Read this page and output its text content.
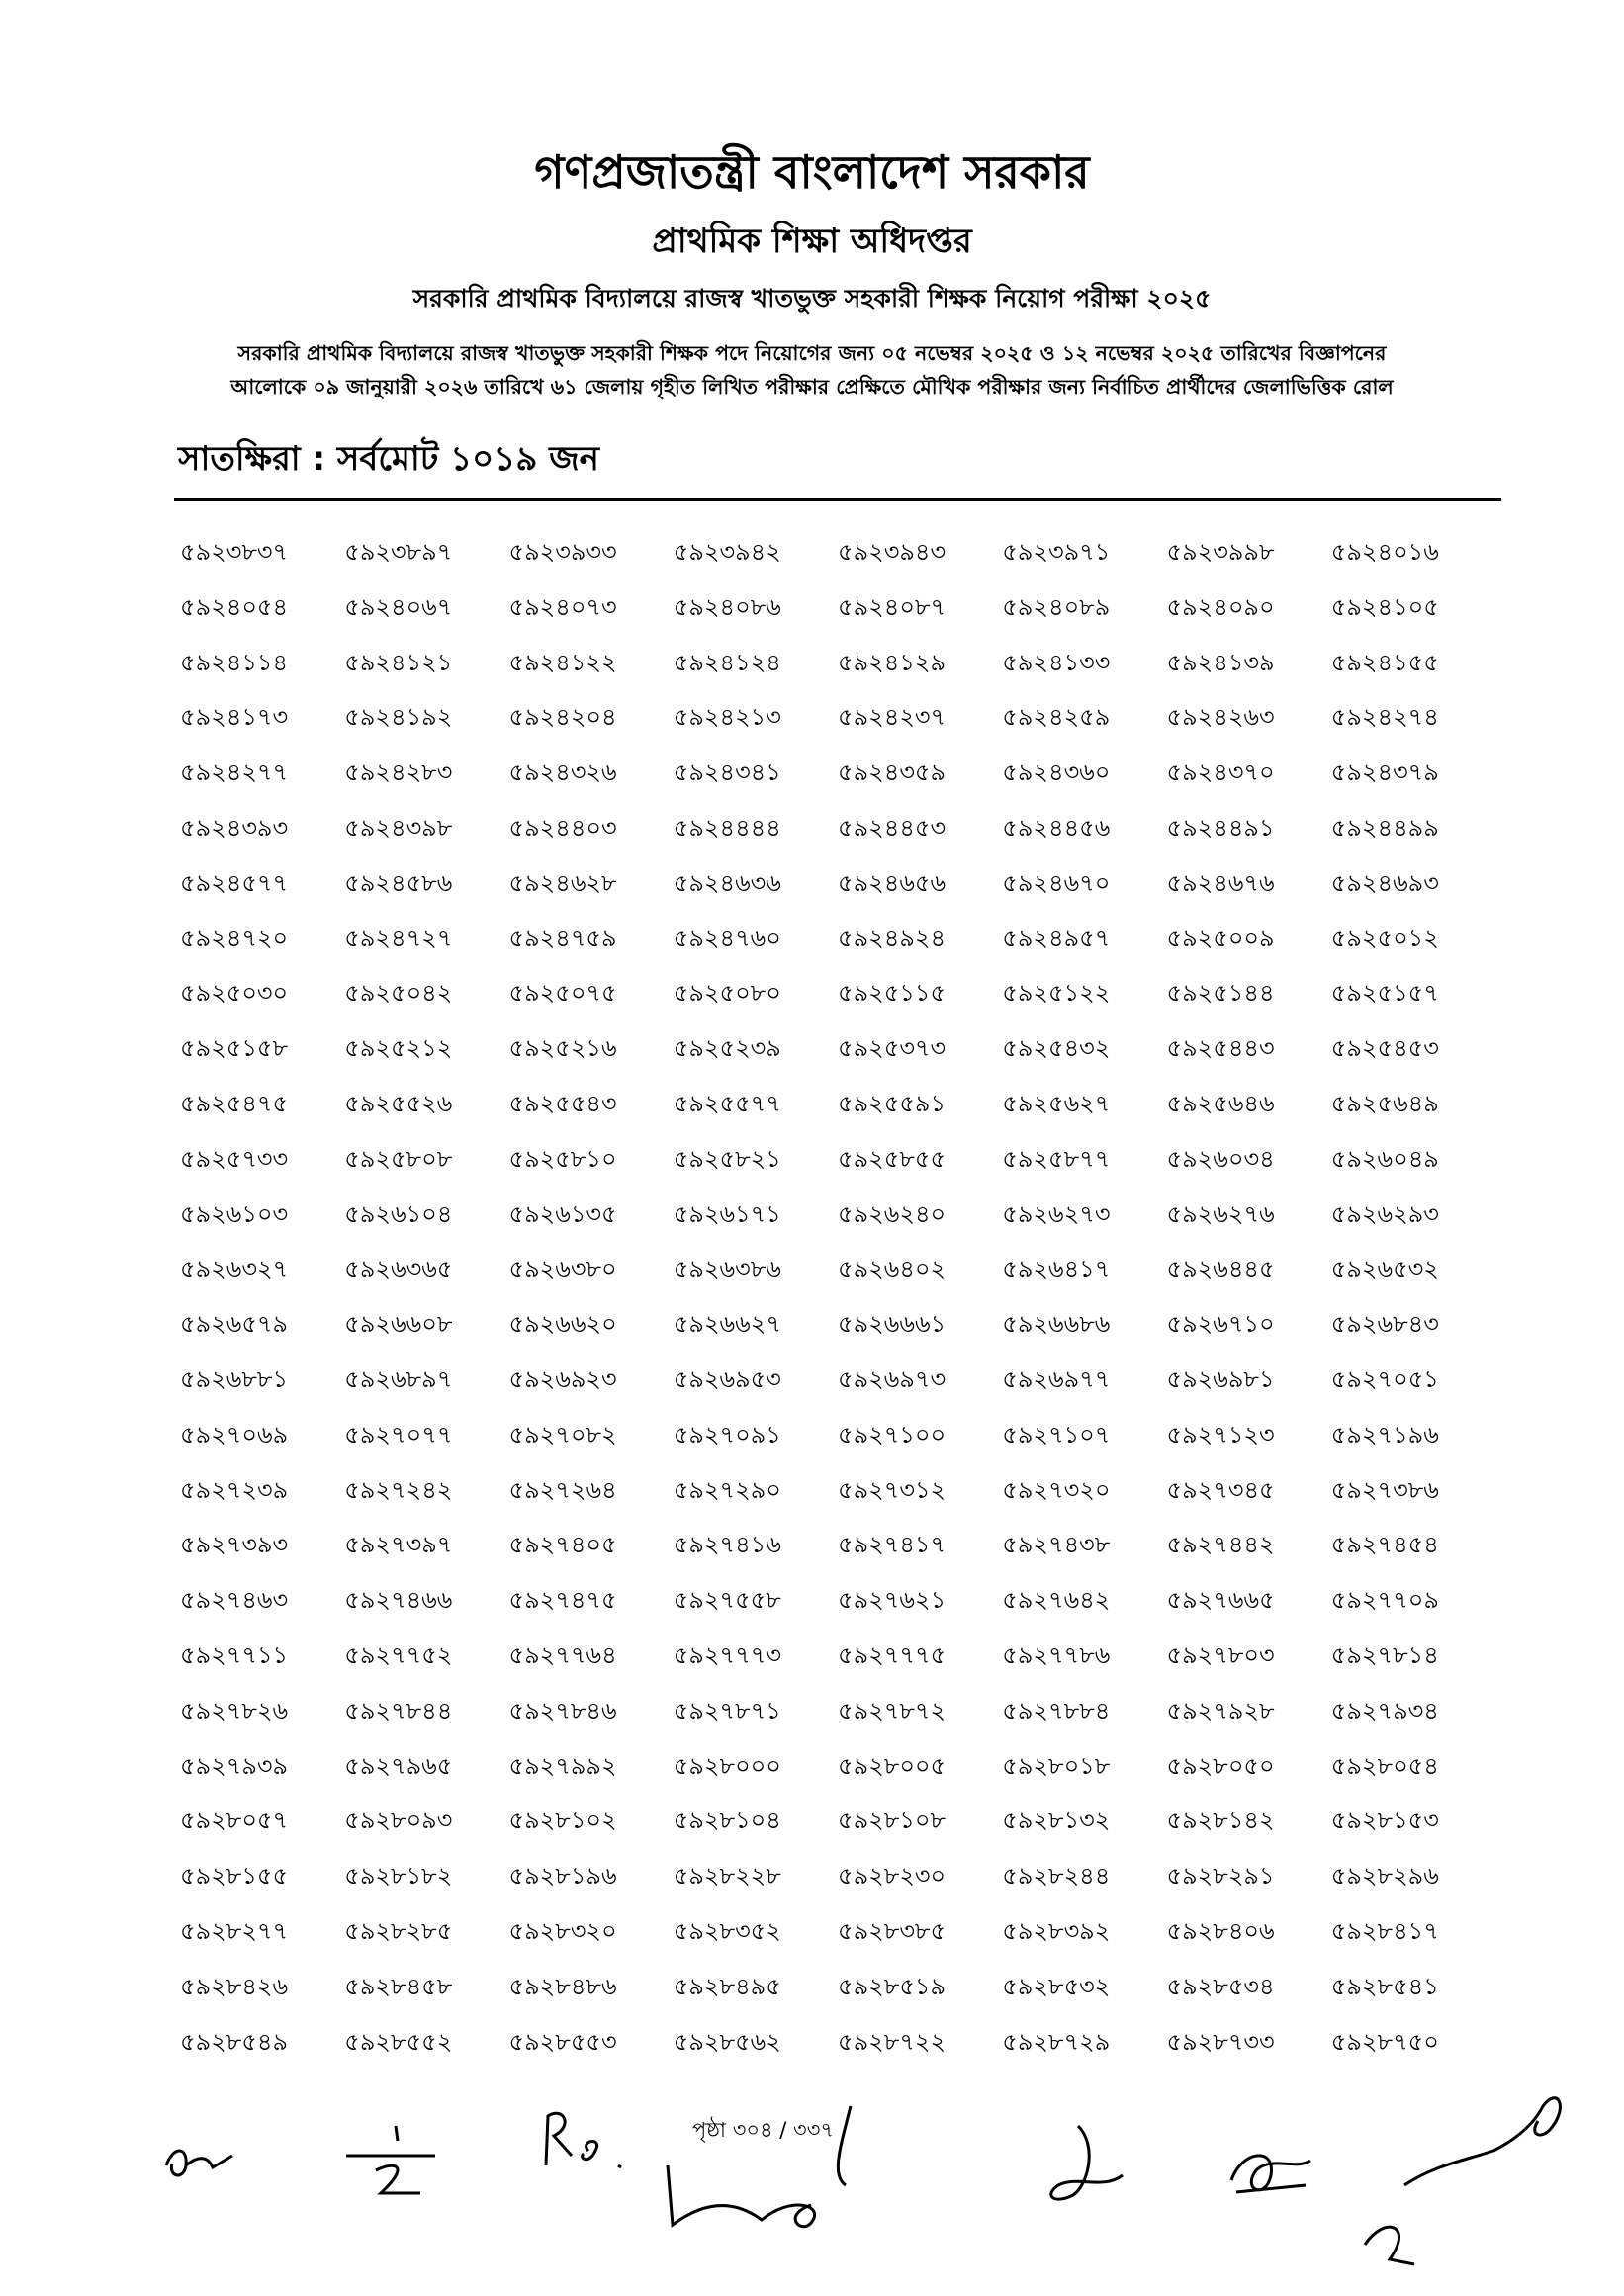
গণপ্রজাতন্ত্রী বাংলাদেশ সরকার
প্রাথমিক শিক্ষা অধিদপ্তর
সরকারি প্রাথমিক বিদ্যালয়ে রাজস্ব খাতভুক্ত সহকারী শিক্ষক নিয়োগ পরীক্ষা ২০২৫
সরকারি প্রাথমিক বিদ্যালয়ে রাজস্ব খাতভুক্ত সহকারী শিক্ষক পদে নিয়োগের জন্য ০৫ নভেম্বর ২০২৫ ও ১২ নভেম্বর ২০২৫ তারিখের বিজ্ঞাপনের
আলোকে ০৯ জানুয়ারী ২০২৬ তারিখে ৬১ জেলায় গৃহীত লিখিত পরীক্ষার প্রেক্ষিতে মৌখিক পরীক্ষার জন্য নির্বাচিত প্রার্থীদের জেলাভিত্তিক রোল
সাতক্ষিরা : সর্বমোট ১০১৯ জন
৫৯২৩৮৩৭	৫৯২৩৮৯৭	৫৯২৩৯৩৩	৫৯২৩৯৪২	৫৯২৩৯৪৩	৫৯২৩৯৭১	৫৯২৩৯৯৮	৫৯২৪০১৬
৫৯২৪০৫৪	৫৯২৪০৬৭	৫৯২৪০৭৩	৫৯২৪০৮৬	৫৯২৪০৮৭	৫৯২৪০৮৯	৫৯২৪০৯০	৫৯২৪১০৫
৫৯২৪১১৪	৫৯২৪১২১	৫৯২৪১২২	৫৯২৪১২৪	৫৯২৪১২৯	৫৯২৪১৩৩	৫৯২৪১৩৯	৫৯২৪১৫৫
৫৯২৪১৭৩	৫৯২৪১৯২	৫৯২৪২০৪	৫৯২৪২১৩	৫৯২৪২৩৭	৫৯২৪২৫৯	৫৯২৪২৬৩	৫৯২৪২৭৪
৫৯২৪২৭৭	৫৯২৪২৮৩	৫৯২৪৩২৬	৫৯২৪৩৪১	৫৯২৪৩৫৯	৫৯২৪৩৬০	৫৯২৪৩৭০	৫৯২৪৩৭৯
৫৯২৪৩৯৩	৫৯২৪৩৯৮	৫৯২৪৪০৩	৫৯২৪৪৪৪	৫৯২৪৪৫৩	৫৯২৪৪৫৬	৫৯২৪৪৯১	৫৯২৪৪৯৯
৫৯২৪৫৭৭	৫৯২৪৫৮৬	৫৯২৪৬২৮	৫৯২৪৬৩৬	৫৯২৪৬৫৬	৫৯২৪৬৭০	৫৯২৪৬৭৬	৫৯২৪৬৯৩
৫৯২৪৭২০	৫৯২৪৭২৭	৫৯২৪৭৫৯	৫৯২৪৭৬০	৫৯২৪৯২৪	৫৯২৪৯৫৭	৫৯২৫০০৯	৫৯২৫০১২
৫৯২৫০৩০	৫৯২৫০৪২	৫৯২৫০৭৫	৫৯২৫০৮০	৫৯২৫১১৫	৫৯২৫১২২	৫৯২৫১৪৪	৫৯২৫১৫৭
৫৯২৫১৫৮	৫৯২৫২১২	৫৯২৫২১৬	৫৯২৫২৩৯	৫৯২৫৩৭৩	৫৯২৫৪৩২	৫৯২৫৪৪৩	৫৯২৫৪৫৩
৫৯২৫৪৭৫	৫৯২৫৫২৬	৫৯২৫৫৪৩	৫৯২৫৫৭৭	৫৯২৫৫৯১	৫৯২৫৬২৭	৫৯২৫৬৪৬	৫৯২৫৬৪৯
৫৯২৫৭৩৩	৫৯২৫৮০৮	৫৯২৫৮১০	৫৯২৫৮২১	৫৯২৫৮৫৫	৫৯২৫৮৭৭	৫৯২৬০৩৪	৫৯২৬০৪৯
৫৯২৬১০৩	৫৯২৬১০৪	৫৯২৬১৩৫	৫৯২৬১৭১	৫৯২৬২৪০	৫৯২৬২৭৩	৫৯২৬২৭৬	৫৯২৬২৯৩
৫৯২৬৩২৭	৫৯২৬৩৬৫	৫৯২৬৩৮০	৫৯২৬৩৮৬	৫৯২৬৪০২	৫৯২৬৪১৭	৫৯২৬৪৪৫	৫৯২৬৫৩২
৫৯২৬৫৭৯	৫৯২৬৬০৮	৫৯২৬৬২০	৫৯২৬৬২৭	৫৯২৬৬৬১	৫৯২৬৬৮৬	৫৯২৬৭১০	৫৯২৬৮৪৩
৫৯২৬৮৮১	৫৯২৬৮৯৭	৫৯২৬৯২৩	৫৯২৬৯৫৩	৫৯২৬৯৭৩	৫৯২৬৯৭৭	৫৯২৬৯৮১	৫৯২৭০৫১
৫৯২৭০৬৯	৫৯২৭০৭৭	৫৯২৭০৮২	৫৯২৭০৯১	৫৯২৭১০০	৫৯২৭১০৭	৫৯২৭১২৩	৫৯২৭১৯৬
৫৯২৭২৩৯	৫৯২৭২৪২	৫৯২৭২৬৪	৫৯২৭২৯০	৫৯২৭৩১২	৫৯২৭৩২০	৫৯২৭৩৪৫	৫৯২৭৩৮৬
৫৯২৭৩৯৩	৫৯২৭৩৯৭	৫৯২৭৪০৫	৫৯২৭৪১৬	৫৯২৭৪১৭	৫৯২৭৪৩৮	৫৯২৭৪৪২	৫৯২৭৪৫৪
৫৯২৭৪৬৩	৫৯২৭৪৬৬	৫৯২৭৪৭৫	৫৯২৭৫৫৮	৫৯২৭৬২১	৫৯২৭৬৪২	৫৯২৭৬৬৫	৫৯২৭৭০৯
৫৯২৭৭১১	৫৯২৭৭৫২	৫৯২৭৭৬৪	৫৯২৭৭৭৩	৫৯২৭৭৭৫	৫৯২৭৭৮৬	৫৯২৭৮০৩	৫৯২৭৮১৪
৫৯২৭৮২৬	৫৯২৭৮৪৪	৫৯২৭৮৪৬	৫৯২৭৮৭১	৫৯২৭৮৭২	৫৯২৭৮৮৪	৫৯২৭৯২৮	৫৯২৭৯৩৪
৫৯২৭৯৩৯	৫৯২৭৯৬৫	৫৯২৭৯৯২	৫৯২৮০০০	৫৯২৮০০৫	৫৯২৮০১৮	৫৯২৮০৫০	৫৯২৮০৫৪
৫৯২৮০৫৭	৫৯২৮০৯৩	৫৯২৮১০২	৫৯২৮১০৪	৫৯২৮১০৮	৫৯২৮১৩২	৫৯২৮১৪২	৫৯২৮১৫৩
৫৯২৮১৫৫	৫৯২৮১৮২	৫৯২৮১৯৬	৫৯২৮২২৮	৫৯২৮২৩০	৫৯২৮২৪৪	৫৯২৮২৯১	৫৯২৮২৯৬
৫৯২৮২৭৭	৫৯২৮২৮৫	৫৯২৮৩২০	৫৯২৮৩৫২	৫৯২৮৩৮৫	৫৯২৮৩৯২	৫৯২৮৪০৬	৫৯২৮৪১৭
৫৯২৮৪২৬	৫৯২৮৪৫৮	৫৯২৮৪৮৬	৫৯২৮৪৯৫	৫৯২৮৫১৯	৫৯২৮৫৩২	৫৯২৮৫৩৪	৫৯২৮৫৪১
৫৯২৮৫৪৯	৫৯২৮৫৫২	৫৯২৮৫৫৩	৫৯২৮৫৬২	৫৯২৮৭২২	৫৯২৮৭২৯	৫৯২৮৭৩৩	৫৯২৮৭৫০
পৃষ্ঠা ৩০৪ / ৩৩৭
